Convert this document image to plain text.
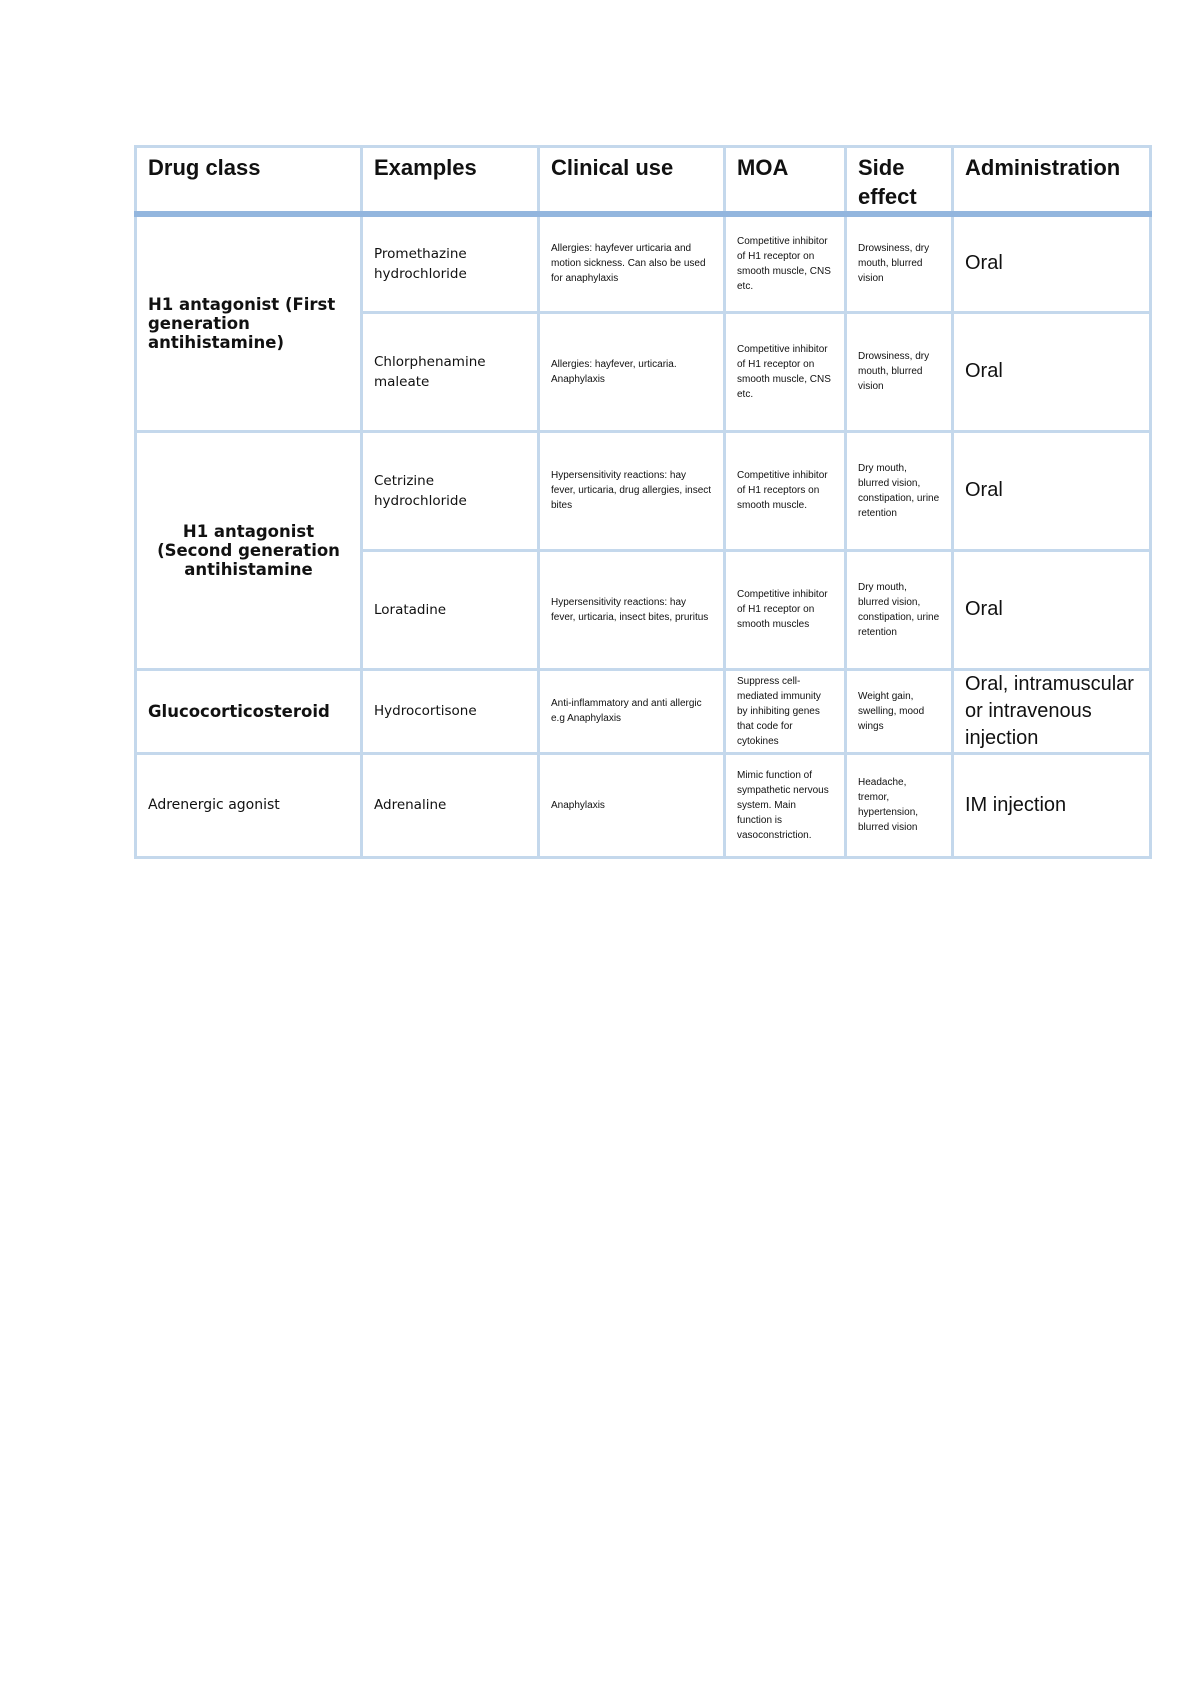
Drug class	Examples	Clinical use	MOA	Side effect	Administration
H1 antagonist (First generation antihistamine)	Promethazine hydrochloride	Allergies: hayfever urticaria and motion sickness. Can also be used for anaphylaxis	Competitive inhibitor of H1 receptor on smooth muscle, CNS etc.	Drowsiness, dry mouth, blurred vision	Oral
	Chlorphenamine maleate	Allergies: hayfever, urticaria. Anaphylaxis	Competitive inhibitor of H1 receptor on smooth muscle, CNS etc.	Drowsiness, dry mouth, blurred vision	Oral
H1 antagonist (Second generation antihistamine	Cetrizine hydrochloride	Hypersensitivity reactions: hay fever, urticaria, drug allergies, insect bites	Competitive inhibitor of H1 receptors on smooth muscle.	Dry mouth, blurred vision, constipation, urine retention	Oral
	Loratadine	Hypersensitivity reactions: hay fever, urticaria, insect bites, pruritus	Competitive inhibitor of H1 receptor on smooth muscles	Dry mouth, blurred vision, constipation, urine retention	Oral
Glucocorticosteroid	Hydrocortisone	Anti-inflammatory and anti allergic e.g Anaphylaxis	Suppress cell-mediated immunity by inhibiting genes that code for cytokines	Weight gain, swelling, mood wings	Oral, intramuscular or intravenous injection
Adrenergic agonist	Adrenaline	Anaphylaxis	Mimic function of sympathetic nervous system. Main function is vasoconstriction.	Headache, tremor, hypertension, blurred vision	IM injection
